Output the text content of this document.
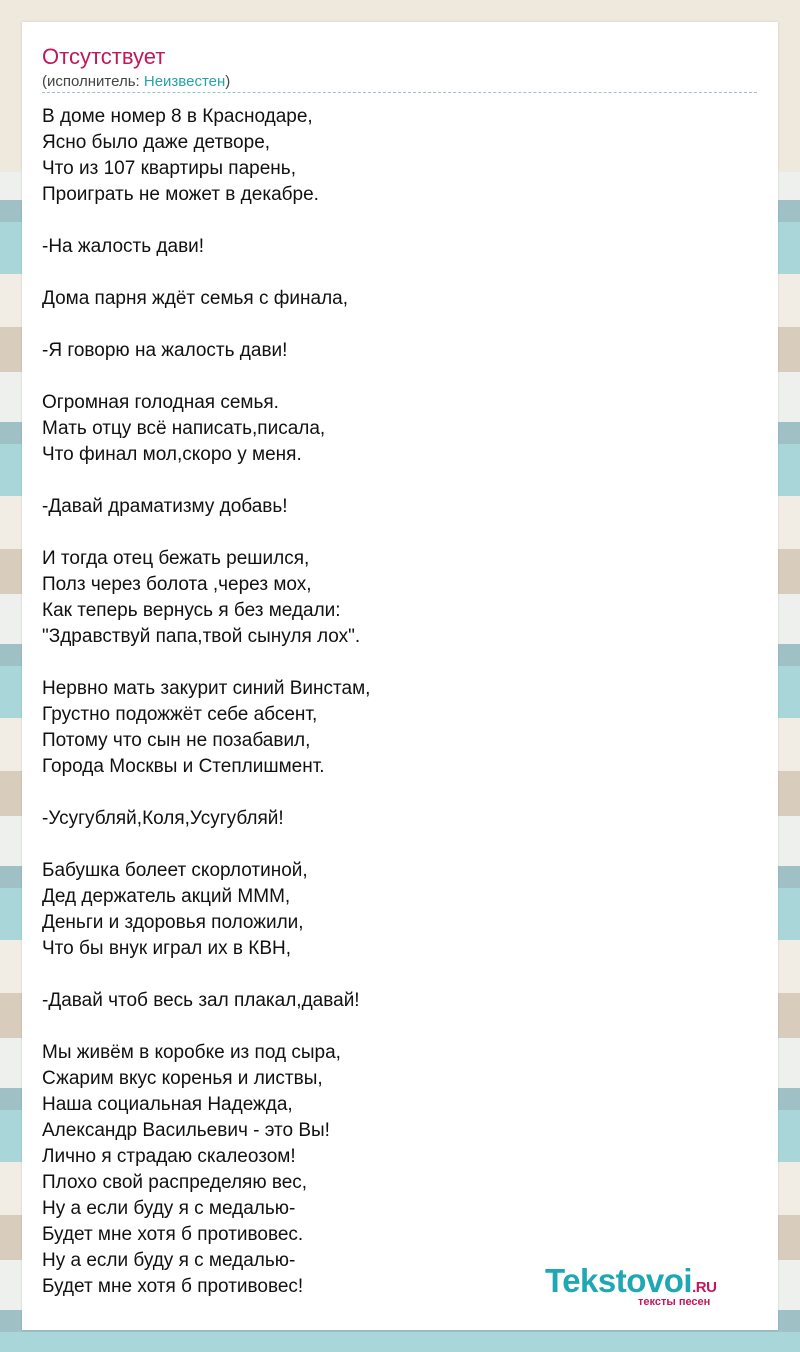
Отсутствует
(исполнитель: Неизвестен)
В доме номер 8 в Краснодаре,
Ясно было даже детворе,
Что из 107 квартиры парень,
Проиграть не может в декабре.
-На жалость дави!
Дома парня ждёт семья с финала,
-Я говорю на жалость дави!
Огромная голодная семья.
Мать отцу всё написать,писала,
Что финал мол,скоро у меня.
-Давай драматизму добавь!
И тогда отец бежать решился,
Полз через болота ,через мох,
Как теперь вернусь я без медали:
"Здравствуй папа,твой сынуля лох".
Нервно мать закурит синий Винстам,
Грустно подожжёт себе абсент,
Потому что сын не позабавил,
Города Москвы и Степлишмент.
-Усугубляй,Коля,Усугубляй!
Бабушка болеет скорлотиной,
Дед держатель акций МММ,
Деньги и здоровья положили,
Что бы внук играл их в КВН,
-Давай чтоб весь зал плакал,давай!
Мы живём в коробке из под сыра,
Сжарим вкус коренья и листвы,
Наша социальная Надежда,
Александр Васильевич - это Вы!
Лично я страдаю скалеозом!
Плохо свой распределяю вес,
Ну а если буду я с медалью-
Будет мне хотя б противовес.
Ну а если буду я с медалью-
Будет мне хотя б противовес!	Tekstovoi.RU
тексты песен
